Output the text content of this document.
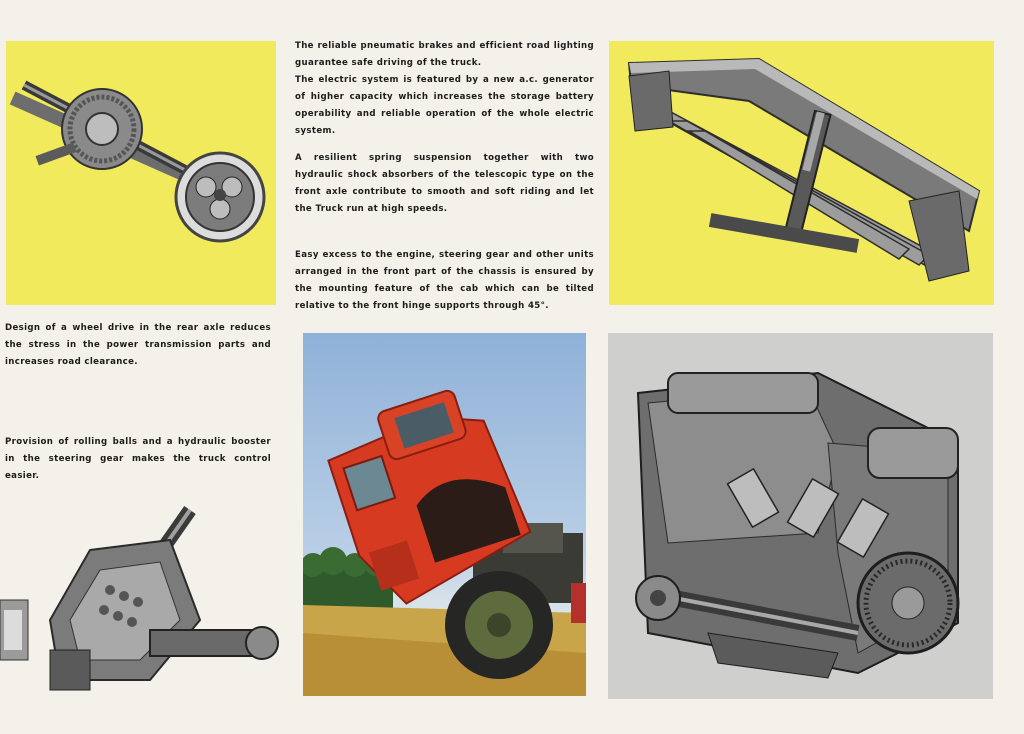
The reliable pneumatic brakes and efficient road lighting guarantee safe driving of the truck.

The electric system is featured by a new a.c. generator of higher capacity which increases the storage battery operability and reliable operation of the whole electric system.

A resilient spring suspension together with two hydraulic shock absorbers of the telescopic type on the front axle contribute to smooth and soft riding and let the Truck run at high speeds.

Easy excess to the engine, steering gear and other units arranged in the front part of the chassis is ensured by the mounting feature of the cab which can be tilted relative to the front hinge supports through 45°.

Design of a wheel drive in the rear axle reduces the stress in the power transmission parts and increases road clearance.

Provision of rolling balls and a hydraulic booster in the steering gear makes the truck control easier.
